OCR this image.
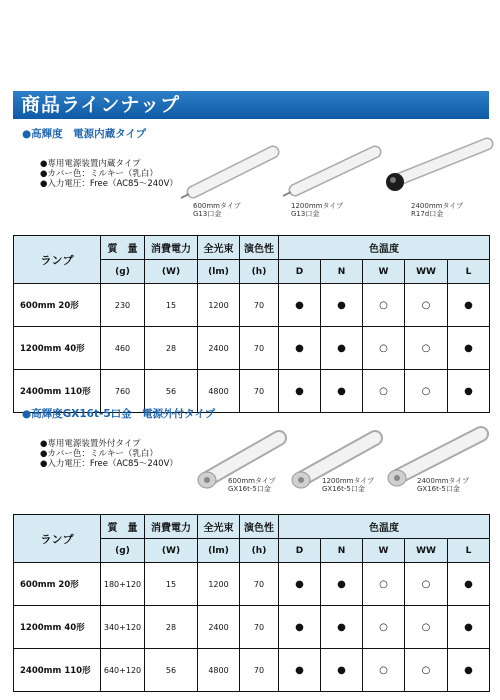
商品ラインナップ
●高輝度　電源内蔵タイプ
●専用電源装置内蔵タイプ
●カバー色：ミルキー（乳白）
●入力電圧：Free（AC85～240V）
600mmタイプ
G13口金
1200mmタイプ
G13口金
2400mmタイプ
R17d口金
ランプ	質　量	消費電力	全光束	演色性	色温度				
	(g)	(W)	(lm)	(h)	D	N	W	WW	L
600mm 20形	230	15	1200	70	●	●	○	○	●
1200mm 40形	460	28	2400	70	●	●	○	○	●
2400mm 110形	760	56	4800	70	●	●	○	○	●
●高輝度GX16t-5口金　電源外付タイプ
●専用電源装置外付タイプ
●カバー色：ミルキー（乳白）
●入力電圧：Free（AC85～240V）
600mmタイプ
GX16t-5口金
1200mmタイプ
GX16t-5口金
2400mmタイプ
GX16t-5口金
ランプ	質　量	消費電力	全光束	演色性	色温度				
	(g)	(W)	(lm)	(h)	D	N	W	WW	L
600mm 20形	180+120	15	1200	70	●	●	○	○	●
1200mm 40形	340+120	28	2400	70	●	●	○	○	●
2400mm 110形	640+120	56	4800	70	●	●	○	○	●
